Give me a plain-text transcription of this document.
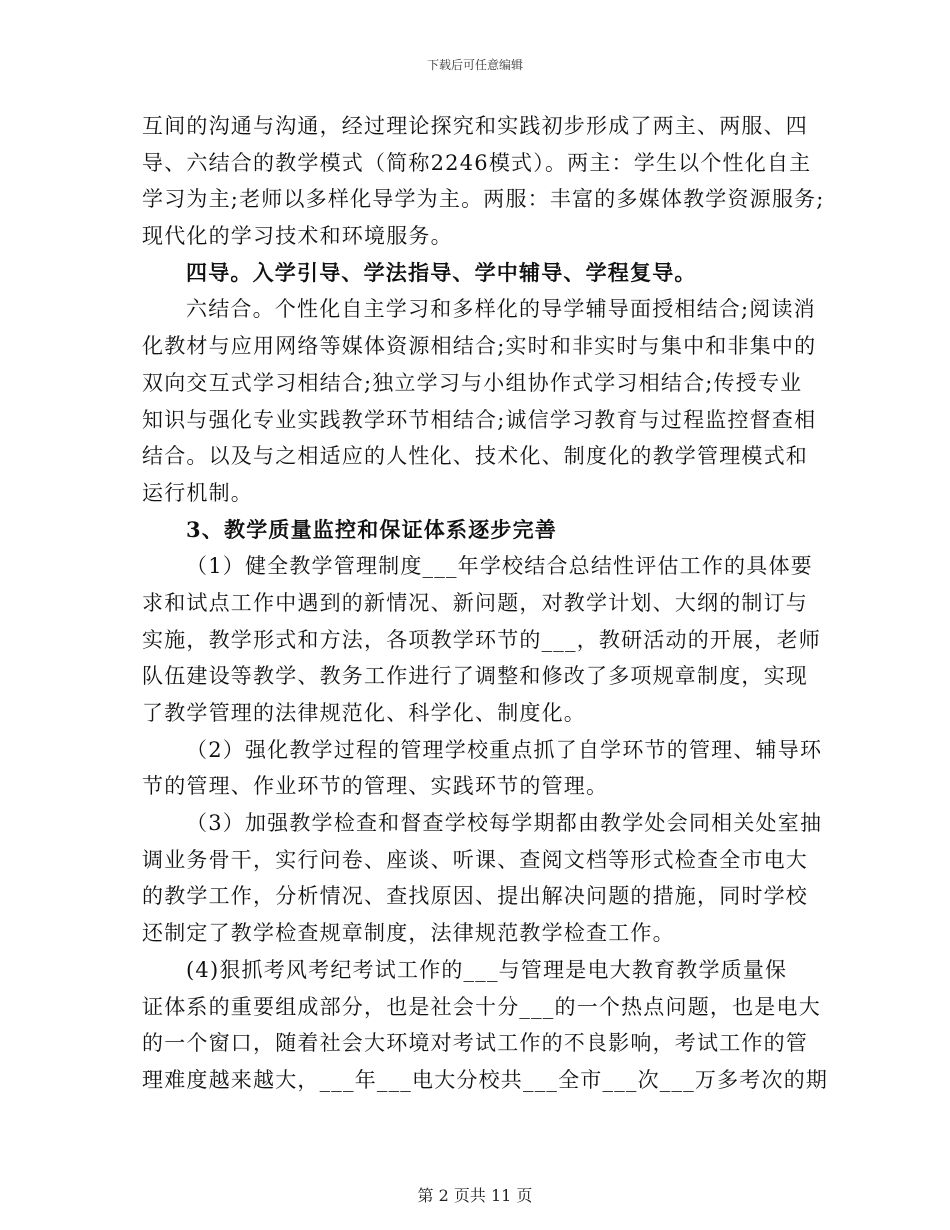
下载后可任意编辑
互间的沟通与沟通，经过理论探究和实践初步形成了两主、两服、四
导、六结合的教学模式（简称2246模式）。两主：学生以个性化自主
学习为主;老师以多样化导学为主。两服：丰富的多媒体教学资源服务;
现代化的学习技术和环境服务。
四导。入学引导、学法指导、学中辅导、学程复导。
六结合。个性化自主学习和多样化的导学辅导面授相结合;阅读消
化教材与应用网络等媒体资源相结合;实时和非实时与集中和非集中的
双向交互式学习相结合;独立学习与小组协作式学习相结合;传授专业
知识与强化专业实践教学环节相结合;诚信学习教育与过程监控督查相
结合。以及与之相适应的人性化、技术化、制度化的教学管理模式和
运行机制。
3、教学质量监控和保证体系逐步完善
（1）健全教学管理制度___年学校结合总结性评估工作的具体要
求和试点工作中遇到的新情况、新问题，对教学计划、大纲的制订与
实施，教学形式和方法，各项教学环节的___，教研活动的开展，老师
队伍建设等教学、教务工作进行了调整和修改了多项规章制度，实现
了教学管理的法律规范化、科学化、制度化。
（2）强化教学过程的管理学校重点抓了自学环节的管理、辅导环
节的管理、作业环节的管理、实践环节的管理。
（3）加强教学检查和督查学校每学期都由教学处会同相关处室抽
调业务骨干，实行问卷、座谈、听课、查阅文档等形式检查全市电大
的教学工作，分析情况、查找原因、提出解决问题的措施，同时学校
还制定了教学检查规章制度，法律规范教学检查工作。
(4)狠抓考风考纪考试工作的___与管理是电大教育教学质量保
证体系的重要组成部分，也是社会十分___的一个热点问题，也是电大
的一个窗口，随着社会大环境对考试工作的不良影响，考试工作的管
理难度越来越大，___年___电大分校共___全市___次___万多考次的期
第 2 页共 11 页
